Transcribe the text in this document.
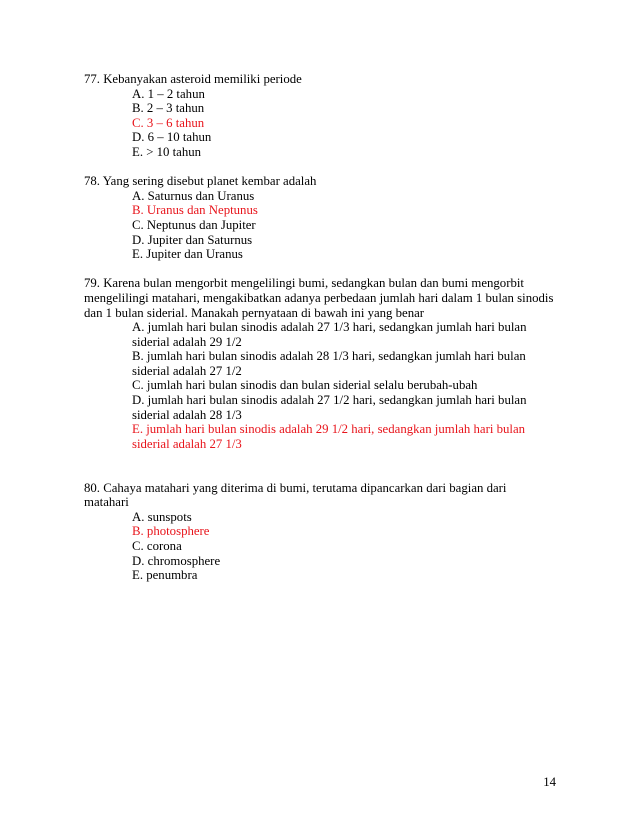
77. Kebanyakan asteroid memiliki periode

A. 1 – 2 tahun
B. 2 – 3 tahun
C. 3 – 6 tahun
D. 6 – 10 tahun
E. > 10 tahun

78. Yang sering disebut planet kembar adalah

A. Saturnus dan Uranus
B. Uranus dan Neptunus
C. Neptunus dan Jupiter
D. Jupiter dan Saturnus
E. Jupiter dan Uranus

79. Karena bulan mengorbit mengelilingi bumi, sedangkan bulan dan bumi mengorbit mengelilingi matahari, mengakibatkan adanya perbedaan jumlah hari dalam 1 bulan sinodis dan 1 bulan siderial. Manakah pernyataan di bawah ini yang benar

A. jumlah hari bulan sinodis adalah 27 1/3 hari, sedangkan jumlah hari bulan siderial adalah 29 1/2
B. jumlah hari bulan sinodis adalah 28 1/3 hari, sedangkan jumlah hari bulan siderial adalah 27 1/2
C. jumlah hari bulan sinodis dan bulan siderial selalu berubah-ubah
D. jumlah hari bulan sinodis adalah 27 1/2 hari, sedangkan jumlah hari bulan siderial adalah 28 1/3
E. jumlah hari bulan sinodis adalah 29 1/2 hari, sedangkan jumlah hari bulan siderial adalah 27 1/3

80. Cahaya matahari yang diterima di bumi, terutama dipancarkan dari bagian dari matahari

A. sunspots
B. photosphere
C. corona
D. chromosphere
E. penumbra
14
